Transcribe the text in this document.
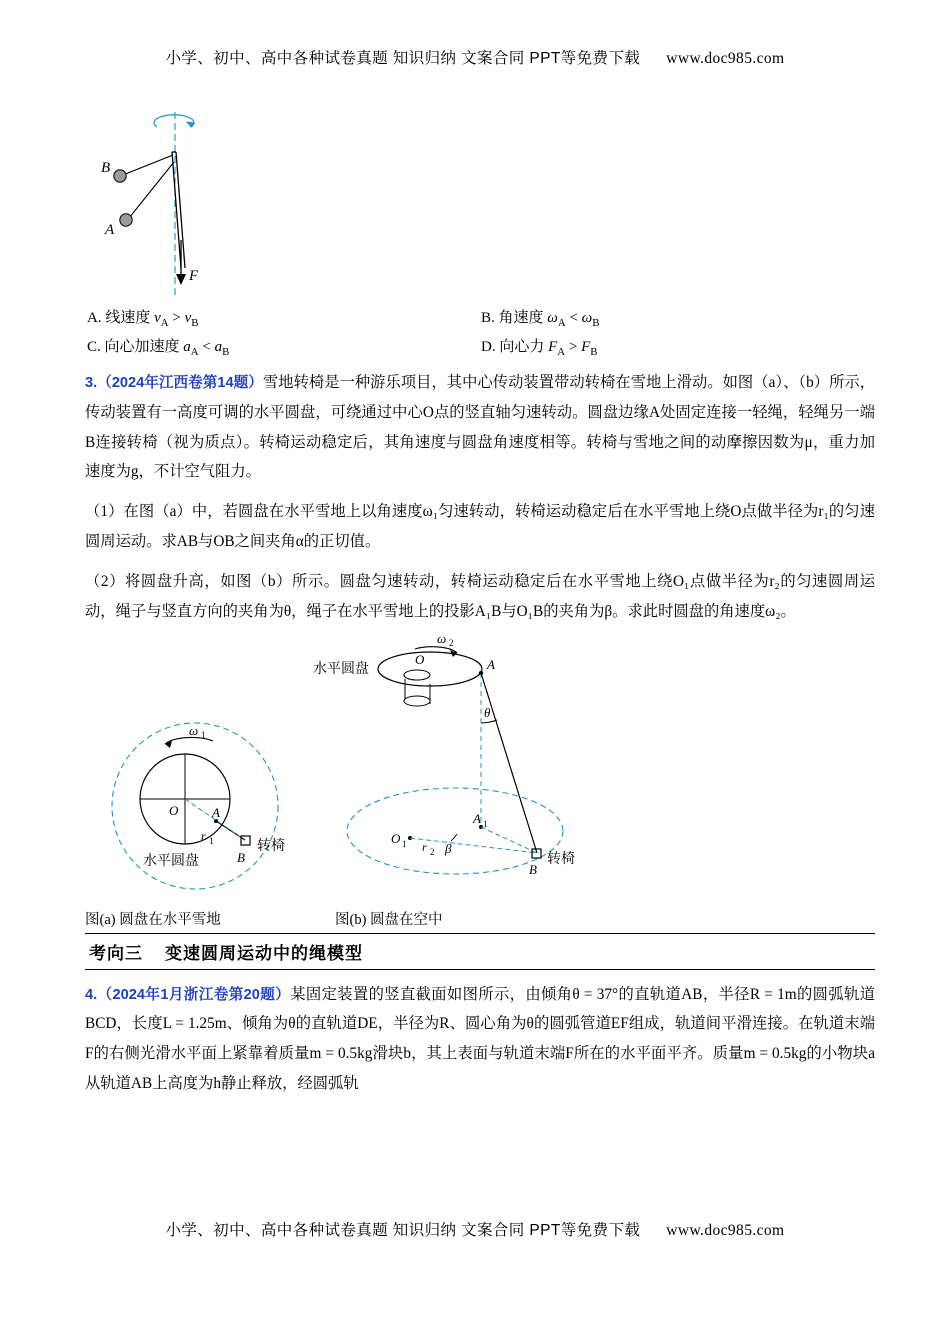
小学、初中、高中各种试卷真题 知识归纳 文案合同 PPT等免费下载 www.doc985.com
B
A
F
A. 线速度 $v_A > v_B$	B. 角速度 $\omega_A < \omega_B$
C. 向心加速度 $a_A < a_B$	D. 向心力 $F_A > F_B$

3.（2024年江西卷第14题）雪地转椅是一种游乐项目，其中心传动装置带动转椅在雪地上滑动。如图（a）、（b）所示，传动装置有一高度可调的水平圆盘，可绕通过中心O点的竖直轴匀速转动。圆盘边缘A处固定连接一轻绳，轻绳另一端B连接转椅（视为质点）。转椅运动稳定后，其角速度与圆盘角速度相等。转椅与雪地之间的动摩擦因数为μ，重力加速度为g，不计空气阻力。

（1）在图（a）中，若圆盘在水平雪地上以角速度ω₁匀速转动，转椅运动稳定后在水平雪地上绕O点做半径为r₁的匀速圆周运动。求AB与OB之间夹角α的正切值。

（2）将圆盘升高，如图（b）所示。圆盘匀速转动，转椅运动稳定后在水平雪地上绕O₁点做半径为r₂的匀速圆周运动，绳子与竖直方向的夹角为θ，绳子在水平雪地上的投影A₁B与O₁B的夹角为β。求此时圆盘的角速度ω₂。

ω 2
水平圆盘	A
O
θ
O 1
A 1
r 2 β
B
转椅
O
ω 1
A
r 1
B
转椅
水平圆盘
图(a) 圆盘在水平雪地	图(b) 圆盘在空中
考向三 变速圆周运动中的绳模型

4.（2024年1月浙江卷第20题）某固定装置的竖直截面如图所示，由倾角θ = 37°的直轨道AB，半径R = 1m的圆弧轨道BCD，长度L = 1.25m、倾角为θ的直轨道DE，半径为R、圆心角为θ的圆弧管道EF组成，轨道间平滑连接。在轨道末端F的右侧光滑水平面上紧靠着质量m = 0.5kg滑块b，其上表面与轨道末端F所在的水平面平齐。质量m = 0.5kg的小物块a从轨道AB上高度为h静止释放，经圆弧轨

小学、初中、高中各种试卷真题 知识归纳 文案合同 PPT等免费下载 www.doc985.com
